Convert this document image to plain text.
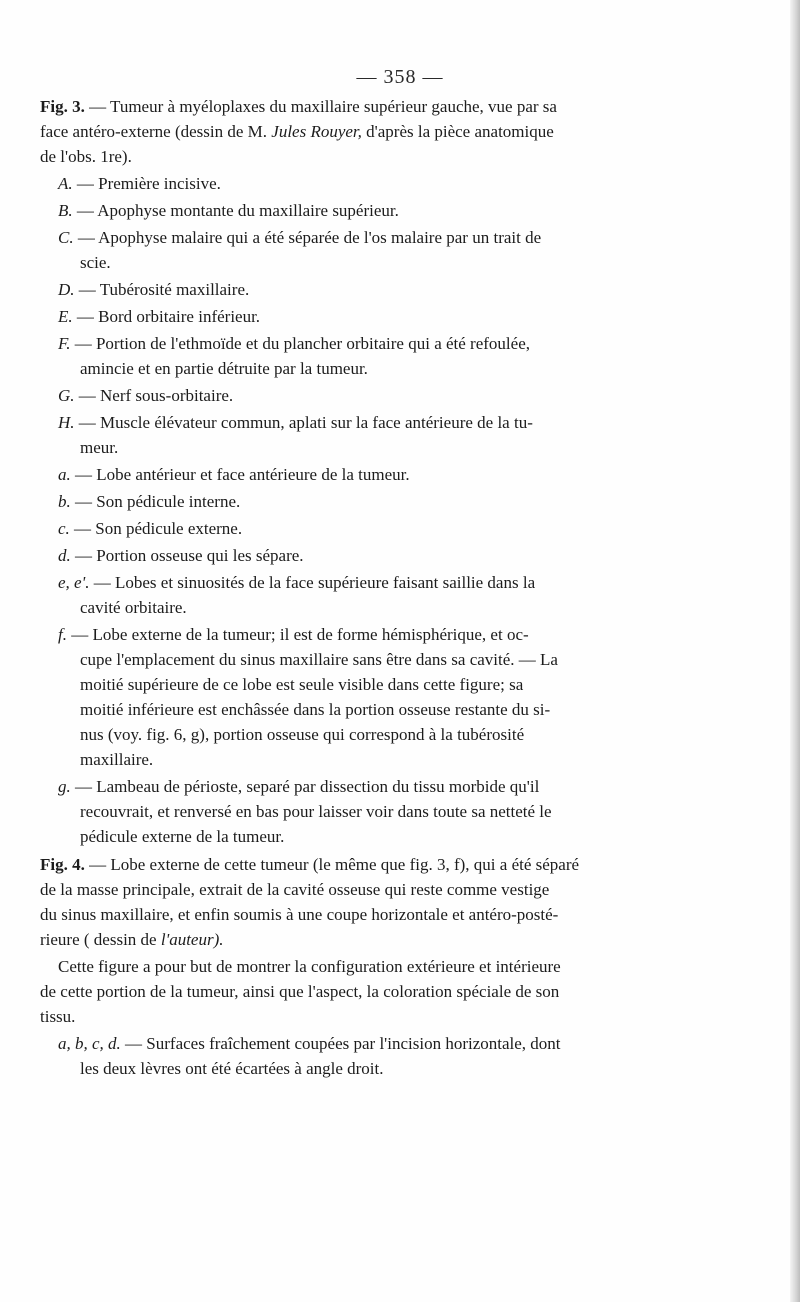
— 358 —
Fig. 3. — Tumeur à myéloplaxes du maxillaire supérieur gauche, vue par sa
face antéro-externe (dessin de M. Jules Rouyer, d'après la pièce anatomique
de l'obs. 1re).
A. — Première incisive.
B. — Apophyse montante du maxillaire supérieur.
C. — Apophyse malaire qui a été séparée de l'os malaire par un trait de
scie.
D. — Tubérosité maxillaire.
E. — Bord orbitaire inférieur.
F. — Portion de l'ethmoïde et du plancher orbitaire qui a été refoulée,
amincie et en partie détruite par la tumeur.
G. — Nerf sous-orbitaire.
H. — Muscle élévateur commun, aplati sur la face antérieure de la tu-
meur.
a. — Lobe antérieur et face antérieure de la tumeur.
b. — Son pédicule interne.
c. — Son pédicule externe.
d. — Portion osseuse qui les sépare.
e, e'. — Lobes et sinuosités de la face supérieure faisant saillie dans la
cavité orbitaire.
f. — Lobe externe de la tumeur; il est de forme hémisphérique, et oc-
cupe l'emplacement du sinus maxillaire sans être dans sa cavité. — La
moitié supérieure de ce lobe est seule visible dans cette figure; sa
moitié inférieure est enchâssée dans la portion osseuse restante du si-
nus (voy. fig. 6, g), portion osseuse qui correspond à la tubérosité
maxillaire.
g. — Lambeau de périoste, separé par dissection du tissu morbide qu'il
recouvrait, et renversé en bas pour laisser voir dans toute sa netteté le
pédicule externe de la tumeur.
Fig. 4. — Lobe externe de cette tumeur (le même que fig. 3, f), qui a été séparé
de la masse principale, extrait de la cavité osseuse qui reste comme vestige
du sinus maxillaire, et enfin soumis à une coupe horizontale et antéro-posté-
rieure ( dessin de l'auteur).
Cette figure a pour but de montrer la configuration extérieure et intérieure
de cette portion de la tumeur, ainsi que l'aspect, la coloration spéciale de son
tissu.
a, b, c, d. — Surfaces fraîchement coupées par l'incision horizontale, dont
les deux lèvres ont été écartées à angle droit.
